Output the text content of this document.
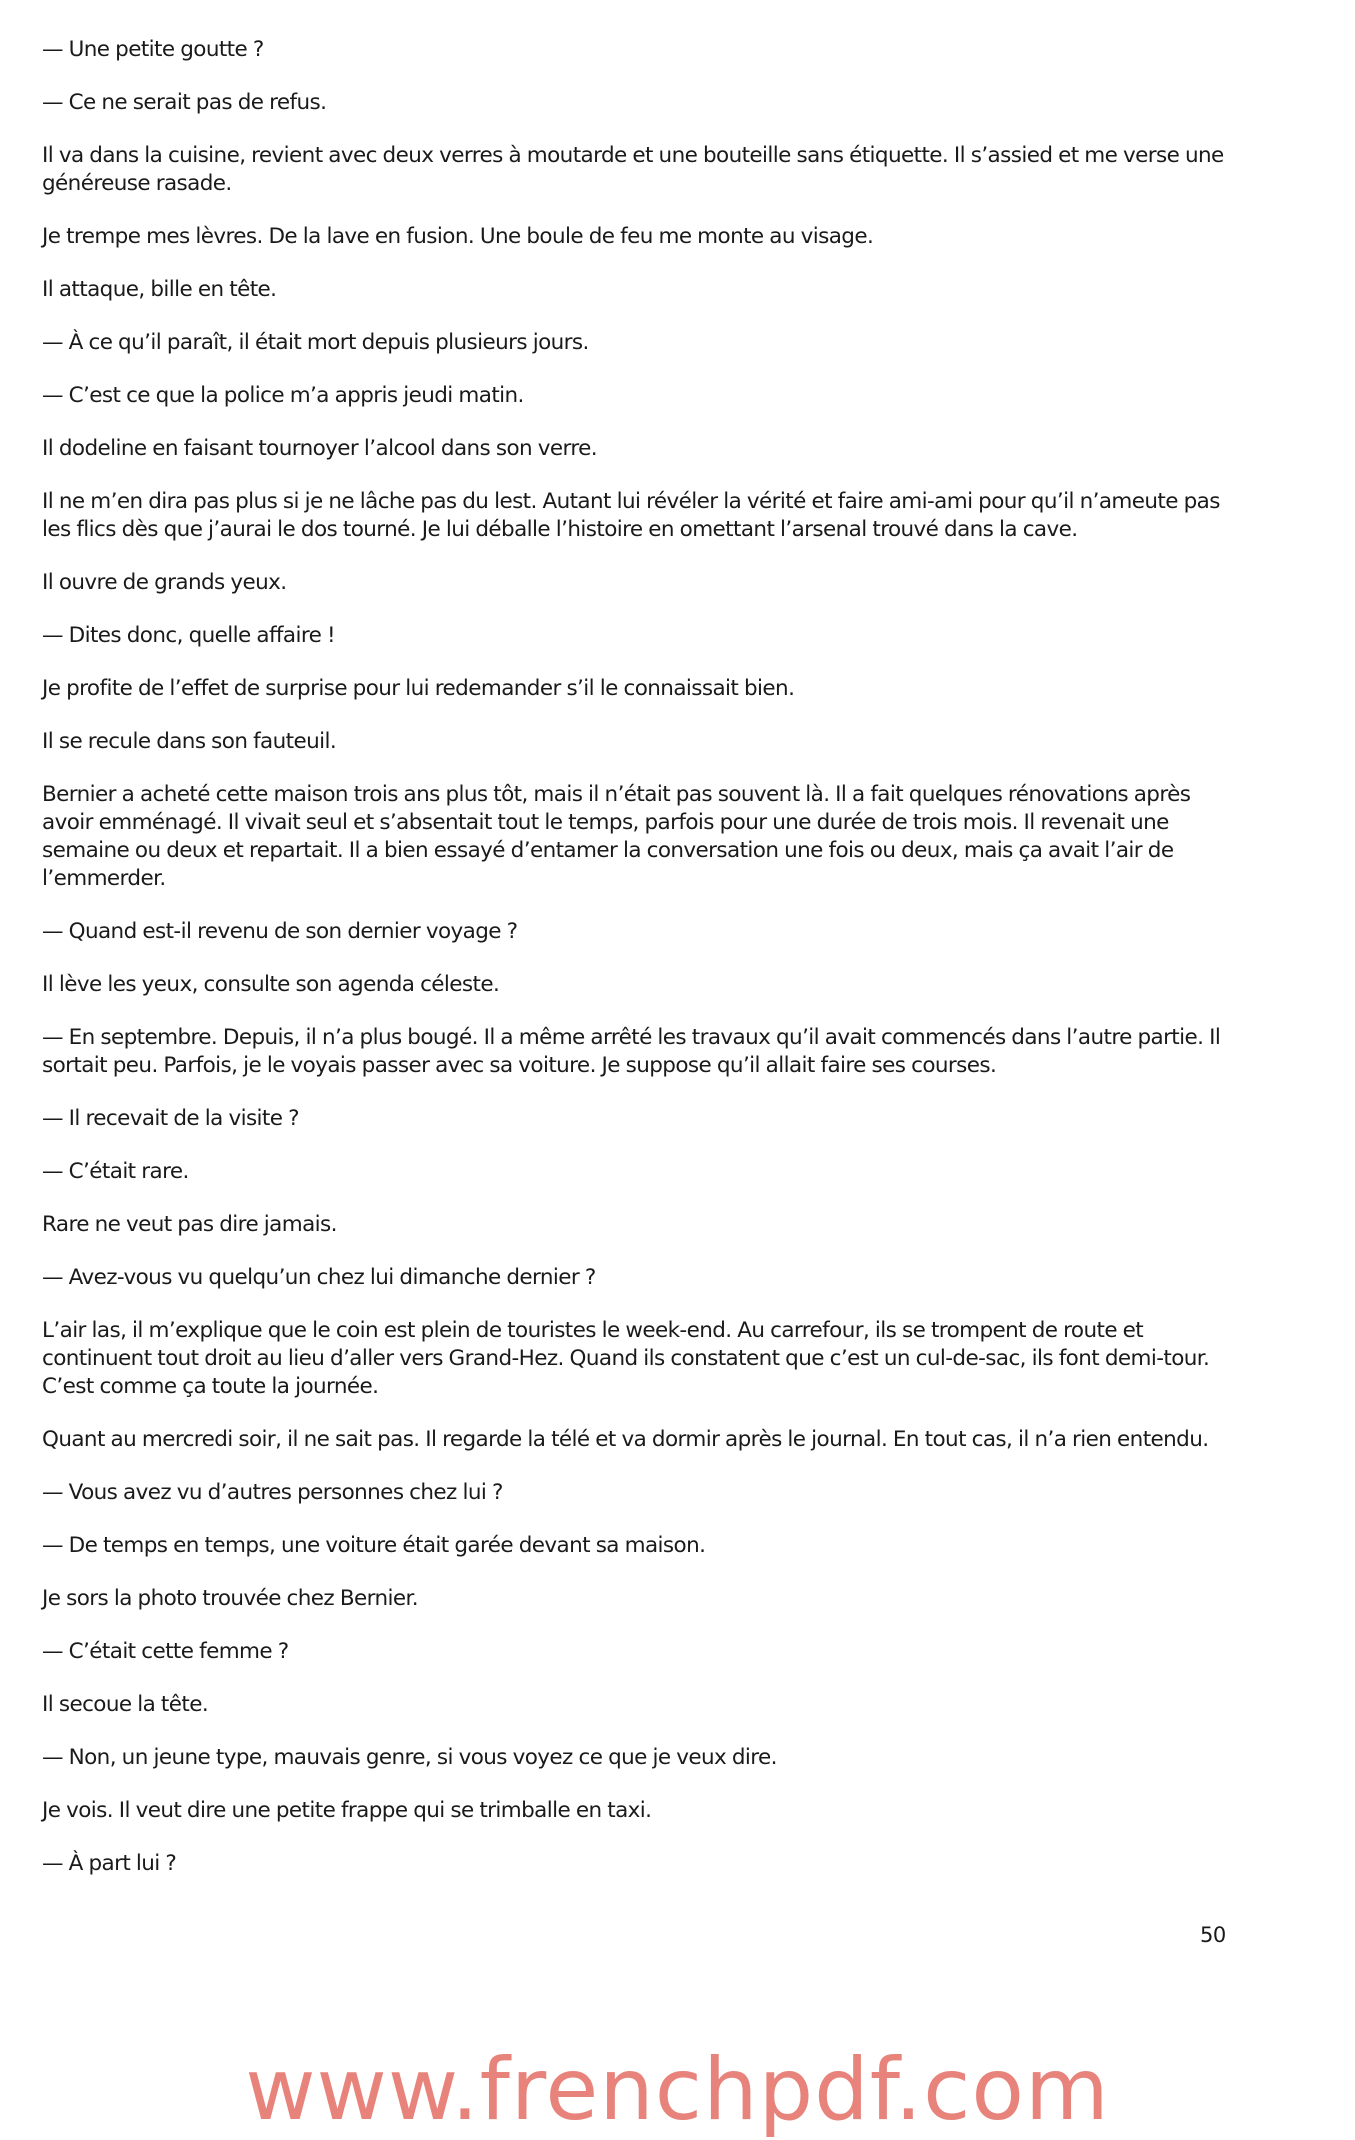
— Une petite goutte ?

— Ce ne serait pas de refus.

Il va dans la cuisine, revient avec deux verres à moutarde et une bouteille sans étiquette. Il s’assied et me verse une généreuse rasade.

Je trempe mes lèvres. De la lave en fusion. Une boule de feu me monte au visage.

Il attaque, bille en tête.

— À ce qu’il paraît, il était mort depuis plusieurs jours.

— C’est ce que la police m’a appris jeudi matin.

Il dodeline en faisant tournoyer l’alcool dans son verre.

Il ne m’en dira pas plus si je ne lâche pas du lest. Autant lui révéler la vérité et faire ami-ami pour qu’il n’ameute pas les flics dès que j’aurai le dos tourné. Je lui déballe l’histoire en omettant l’arsenal trouvé dans la cave.

Il ouvre de grands yeux.

— Dites donc, quelle affaire !

Je profite de l’effet de surprise pour lui redemander s’il le connaissait bien.

Il se recule dans son fauteuil.

Bernier a acheté cette maison trois ans plus tôt, mais il n’était pas souvent là. Il a fait quelques rénovations après avoir emménagé. Il vivait seul et s’absentait tout le temps, parfois pour une durée de trois mois. Il revenait une semaine ou deux et repartait. Il a bien essayé d’entamer la conversation une fois ou deux, mais ça avait l’air de l’emmerder.

— Quand est-il revenu de son dernier voyage ?

Il lève les yeux, consulte son agenda céleste.

— En septembre. Depuis, il n’a plus bougé. Il a même arrêté les travaux qu’il avait commencés dans l’autre partie. Il sortait peu. Parfois, je le voyais passer avec sa voiture. Je suppose qu’il allait faire ses courses.

— Il recevait de la visite ?

— C’était rare.

Rare ne veut pas dire jamais.

— Avez-vous vu quelqu’un chez lui dimanche dernier ?

L’air las, il m’explique que le coin est plein de touristes le week-end. Au carrefour, ils se trompent de route et continuent tout droit au lieu d’aller vers Grand-Hez. Quand ils constatent que c’est un cul-de-sac, ils font demi-tour. C’est comme ça toute la journée.

Quant au mercredi soir, il ne sait pas. Il regarde la télé et va dormir après le journal. En tout cas, il n’a rien entendu.

— Vous avez vu d’autres personnes chez lui ?

— De temps en temps, une voiture était garée devant sa maison.

Je sors la photo trouvée chez Bernier.

— C’était cette femme ?

Il secoue la tête.

— Non, un jeune type, mauvais genre, si vous voyez ce que je veux dire.

Je vois. Il veut dire une petite frappe qui se trimballe en taxi.

— À part lui ?

50
www.frenchpdf.com
